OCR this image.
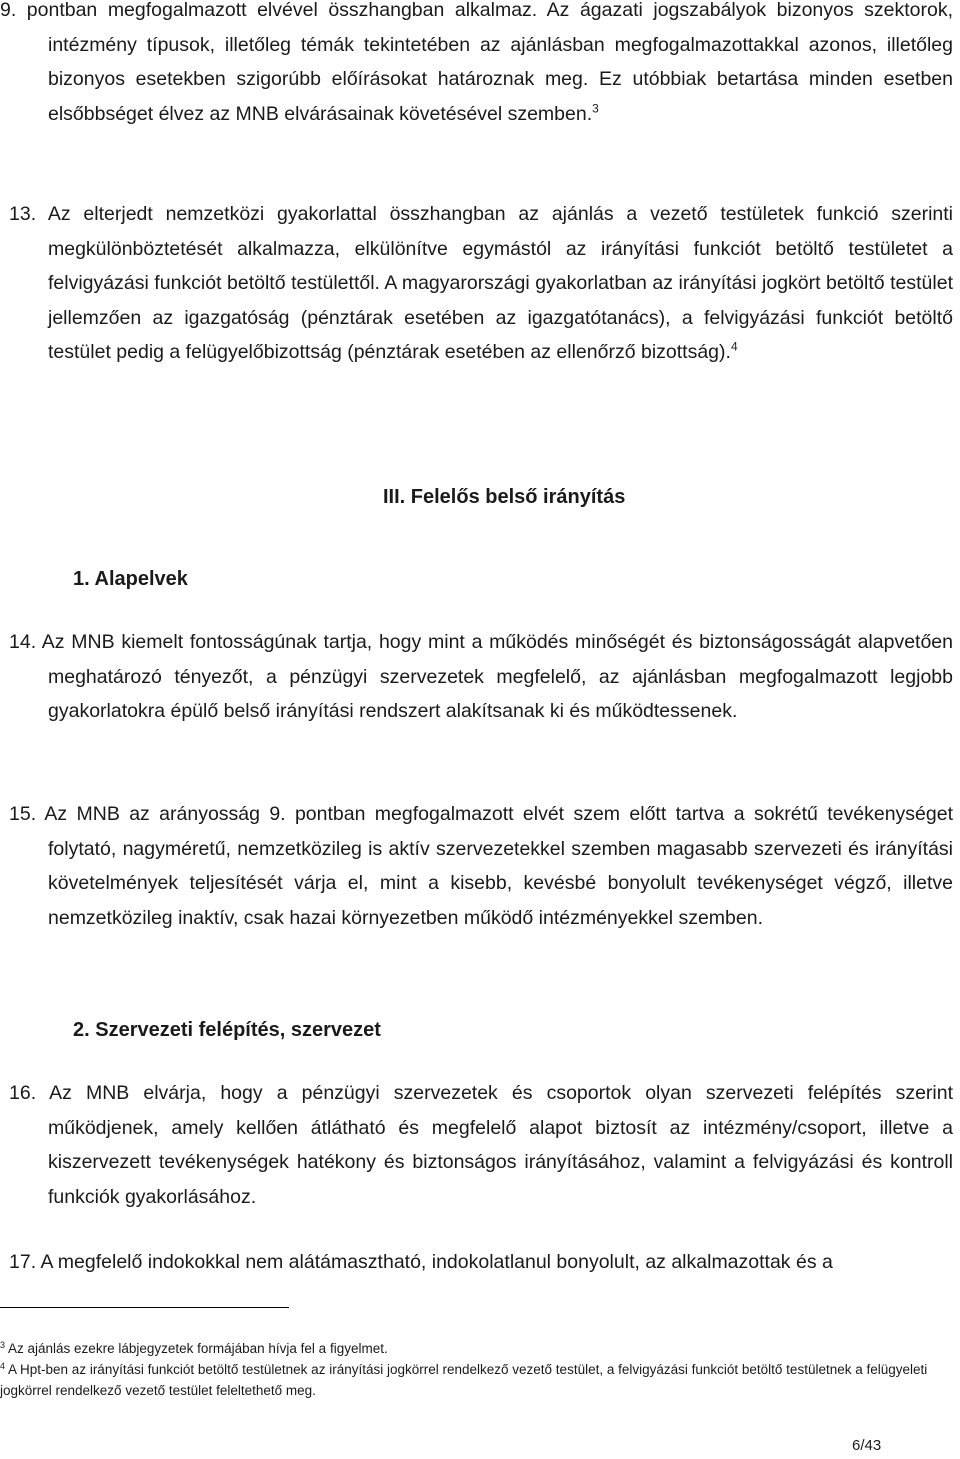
9. pontban megfogalmazott elvével összhangban alkalmaz. Az ágazati jogszabályok bizonyos szektorok, intézmény típusok, illetőleg témák tekintetében az ajánlásban megfogalmazottakkal azonos, illetőleg bizonyos esetekben szigorúbb előírásokat határoznak meg. Ez utóbbiak betartása minden esetben elsőbbséget élvez az MNB elvárásainak követésével szemben.$^3$

13. Az elterjedt nemzetközi gyakorlattal összhangban az ajánlás a vezető testületek funkció szerinti megkülönböztetését alkalmazza, elkülönítve egymástól az irányítási funkciót betöltő testületet a felvigyázási funkciót betöltő testülettől. A magyarországi gyakorlatban az irányítási jogkört betöltő testület jellemzően az igazgatóság (pénztárak esetében az igazgatótanács), a felvigyázási funkciót betöltő testület pedig a felügyelőbizottság (pénztárak esetében az ellenőrző bizottság).$^4$

III. Felelős belső irányítás
1. Alapelvek

14. Az MNB kiemelt fontosságúnak tartja, hogy mint a működés minőségét és biztonságosságát alapvetően meghatározó tényezőt, a pénzügyi szervezetek megfelelő, az ajánlásban megfogalmazott legjobb gyakorlatokra épülő belső irányítási rendszert alakítsanak ki és működtessenek.

15. Az MNB az arányosság 9. pontban megfogalmazott elvét szem előtt tartva a sokrétű tevékenységet folytató, nagyméretű, nemzetközileg is aktív szervezetekkel szemben magasabb szervezeti és irányítási követelmények teljesítését várja el, mint a kisebb, kevésbé bonyolult tevékenységet végző, illetve nemzetközileg inaktív, csak hazai környezetben működő intézményekkel szemben.

2. Szervezeti felépítés, szervezet

16. Az MNB elvárja, hogy a pénzügyi szervezetek és csoportok olyan szervezeti felépítés szerint működjenek, amely kellően átlátható és megfelelő alapot biztosít az intézmény/csoport, illetve a kiszervezett tevékenységek hatékony és biztonságos irányításához, valamint a felvigyázási és kontroll funkciók gyakorlásához.

17. A megfelelő indokokkal nem alátámasztható, indokolatlanul bonyolult, az alkalmazottak és a

$^3$ Az ajánlás ezekre lábjegyzetek formájában hívja fel a figyelmet.

$^4$ A Hpt-ben az irányítási funkciót betöltő testületnek az irányítási jogkörrel rendelkező vezető testület, a felvigyázási funkciót betöltő testületnek a felügyeleti jogkörrel rendelkező vezető testület feleltethető meg.

6/43
